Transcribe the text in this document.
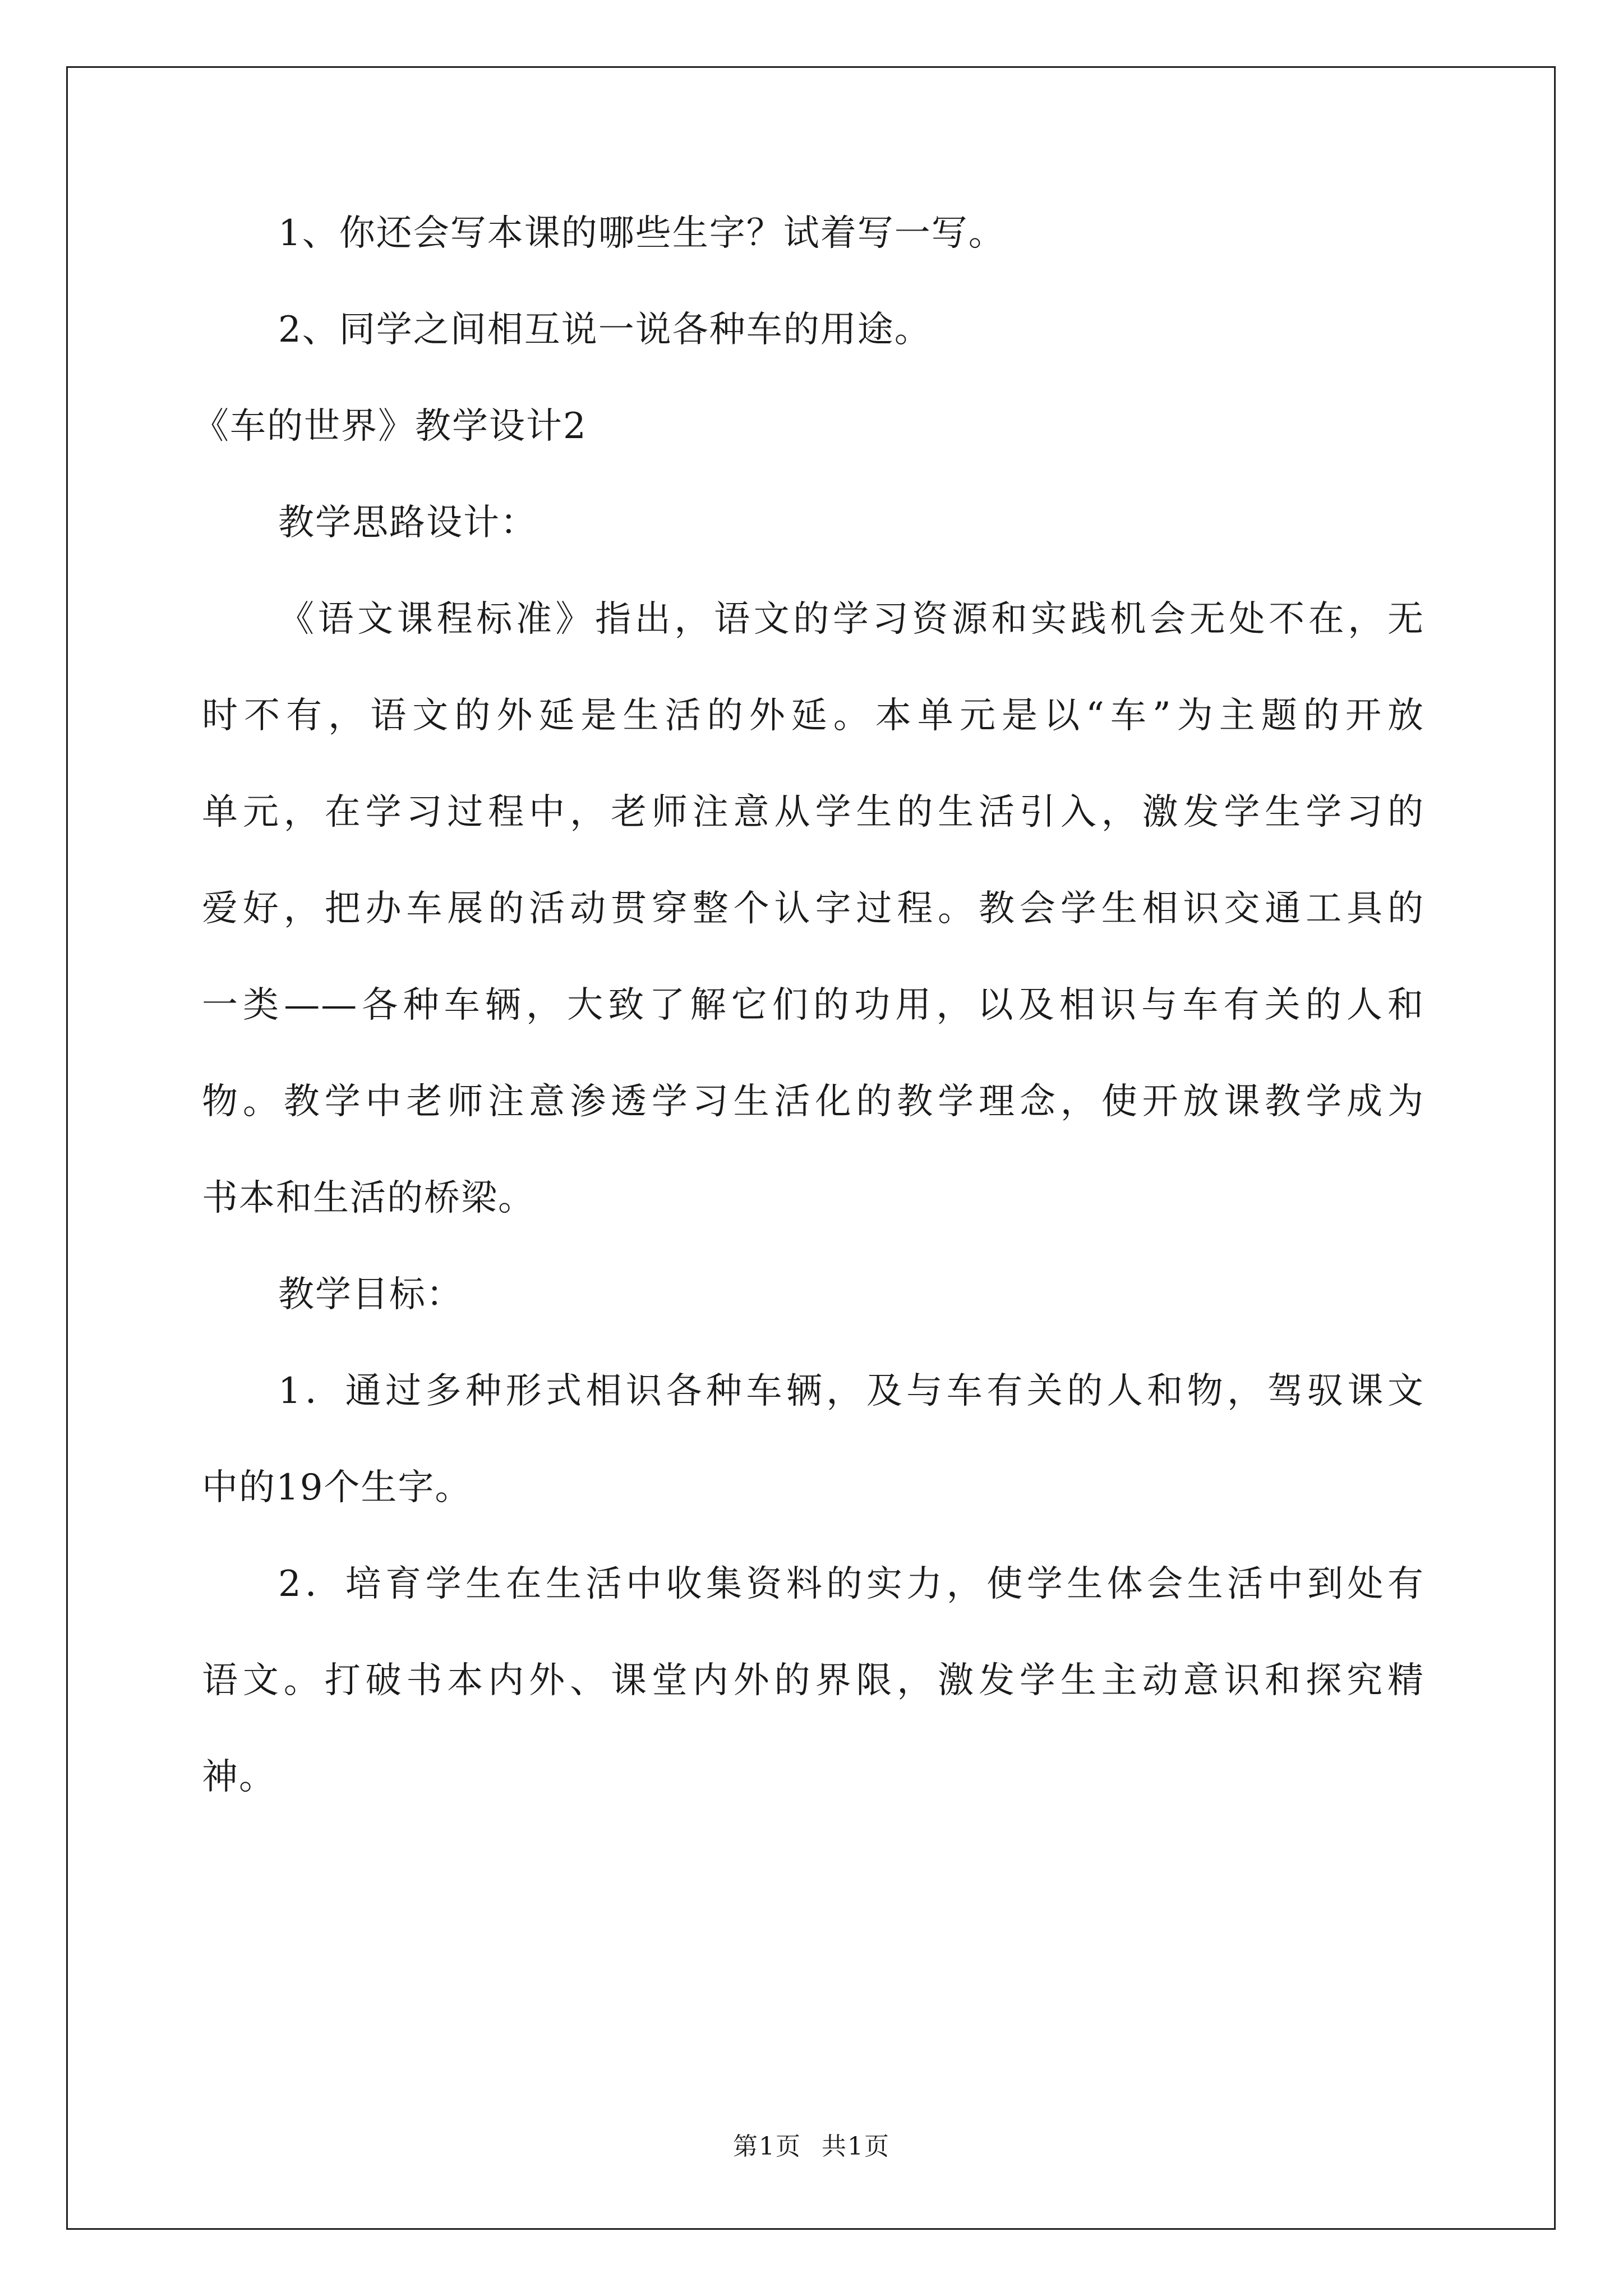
1、你还会写本课的哪些生字？试着写一写。
2、同学之间相互说一说各种车的用途。
《车的世界》教学设计2
教学思路设计：
《语文课程标准》指出，语文的学习资源和实践机会无处不在，无
时不有，语文的外延是生活的外延。本单元是以“车”为主题的开放
单元，在学习过程中，老师注意从学生的生活引入，激发学生学习的
爱好，把办车展的活动贯穿整个认字过程。教会学生相识交通工具的
一类——各种车辆，大致了解它们的功用，以及相识与车有关的人和
物。教学中老师注意渗透学习生活化的教学理念，使开放课教学成为
书本和生活的桥梁。
教学目标：
1．通过多种形式相识各种车辆，及与车有关的人和物，驾驭课文
中的19个生字。
2．培育学生在生活中收集资料的实力，使学生体会生活中到处有
语文。打破书本内外、课堂内外的界限，激发学生主动意识和探究精
神。
第1页 共1页
